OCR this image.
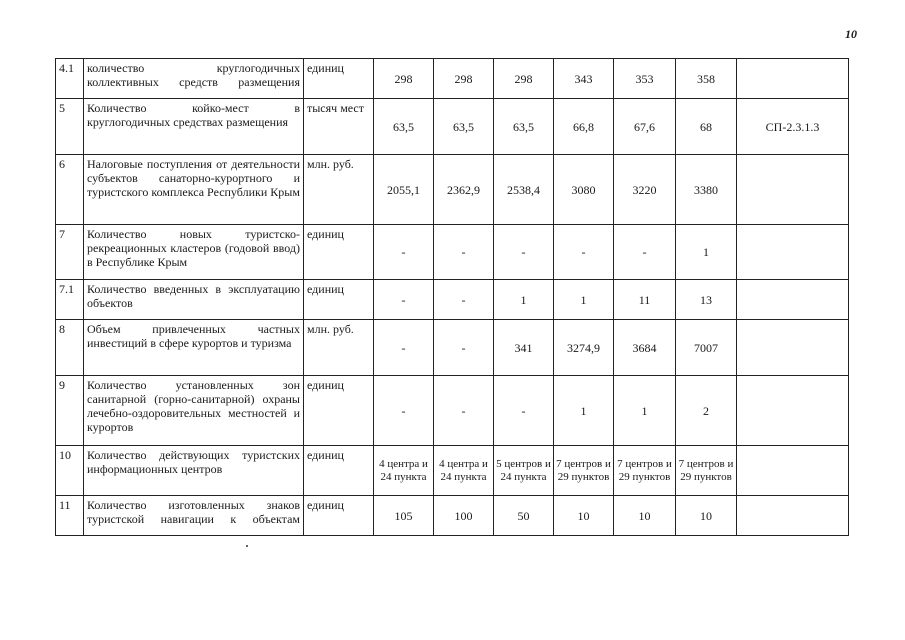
10
4.1	количество круглогодичных коллективных средств размещения	единиц	298	298	298	343	353	358	
5	Количество койко-мест в круглогодичных средствах размещения	тысяч мест	63,5	63,5	63,5	66,8	67,6	68	СП-2.3.1.3
6	Налоговые поступления от деятельности субъектов санаторно-курортного и туристского комплекса Республики Крым	млн. руб.	2055,1	2362,9	2538,4	3080	3220	3380	
7	Количество новых туристско-рекреационных кластеров (годовой ввод) в Республике Крым	единиц	-	-	-	-	-	1	
7.1	Количество введенных в эксплуатацию объектов	единиц	-	-	1	1	11	13	
8	Объем привлеченных частных инвестиций в сфере курортов и туризма	млн. руб.	-	-	341	3274,9	3684	7007	
9	Количество установленных зон санитарной (горно-санитарной) охраны лечебно-оздоровительных местностей и курортов	единиц	-	-	-	1	1	2	
10	Количество действующих туристских информационных центров	единиц	4 центра и 24 пункта	4 центра и 24 пункта	5 центров и 24 пункта	7 центров и 29 пунктов	7 центров и 29 пунктов	7 центров и 29 пунктов	
11	Количество изготовленных знаков туристской навигации к объектам	единиц	105	100	50	10	10	10	
